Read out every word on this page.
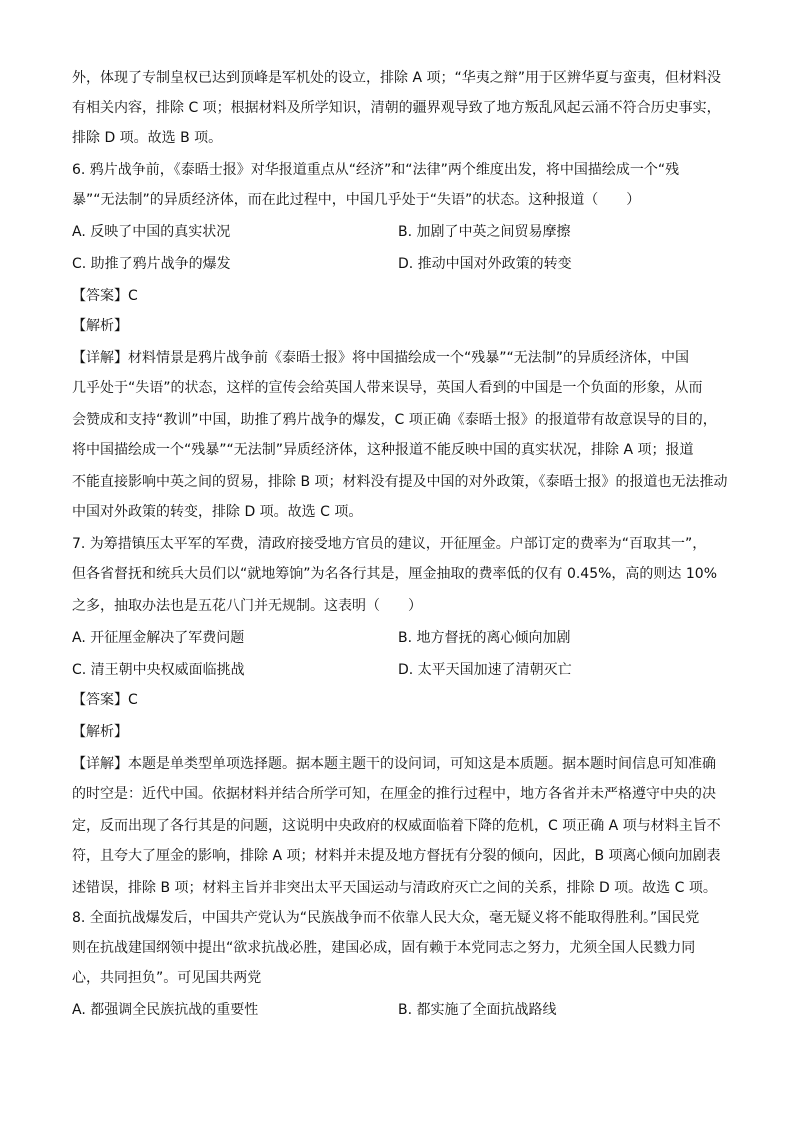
外，体现了专制皇权已达到顶峰是军机处的设立，排除 A 项；“华夷之辩”用于区辨华夏与蛮夷，但材料没
有相关内容，排除 C 项；根据材料及所学知识，清朝的疆界观导致了地方叛乱风起云涌不符合历史事实，
排除 D 项。故选 B 项。
6. 鸦片战争前，《泰晤士报》对华报道重点从“经济”和“法律”两个维度出发，将中国描绘成一个“残
暴”“无法制”的异质经济体，而在此过程中，中国几乎处于“失语”的状态。这种报道（　　）
A. 反映了中国的真实状况	B. 加剧了中英之间贸易摩擦
C. 助推了鸦片战争的爆发	D. 推动中国对外政策的转变
【答案】C
【解析】
【详解】材料情景是鸦片战争前《泰晤士报》将中国描绘成一个“残暴”“无法制”的异质经济体，中国
几乎处于“失语”的状态，这样的宣传会给英国人带来误导，英国人看到的中国是一个负面的形象，从而
会赞成和支持“教训”中国，助推了鸦片战争的爆发，C 项正确《泰晤士报》的报道带有故意误导的目的，
将中国描绘成一个“残暴”“无法制”异质经济体，这种报道不能反映中国的真实状况，排除 A 项；报道
不能直接影响中英之间的贸易，排除 B 项；材料没有提及中国的对外政策，《泰晤士报》的报道也无法推动
中国对外政策的转变，排除 D 项。故选 C 项。
7. 为筹措镇压太平军的军费，清政府接受地方官员的建议，开征厘金。户部订定的费率为“百取其一”，
但各省督抚和统兵大员们以“就地筹饷”为名各行其是，厘金抽取的费率低的仅有 0.45%，高的则达 10%
之多，抽取办法也是五花八门并无规制。这表明（　　）
A. 开征厘金解决了军费问题	B. 地方督抚的离心倾向加剧
C. 清王朝中央权威面临挑战	D. 太平天国加速了清朝灭亡
【答案】C
【解析】
【详解】本题是单类型单项选择题。据本题主题干的设问词，可知这是本质题。据本题时间信息可知准确
的时空是：近代中国。依据材料并结合所学可知，在厘金的推行过程中，地方各省并未严格遵守中央的决
定，反而出现了各行其是的问题，这说明中央政府的权威面临着下降的危机，C 项正确 A 项与材料主旨不
符，且夸大了厘金的影响，排除 A 项；材料并未提及地方督抚有分裂的倾向，因此，B 项离心倾向加剧表
述错误，排除 B 项；材料主旨并非突出太平天国运动与清政府灭亡之间的关系，排除 D 项。故选 C 项。
8. 全面抗战爆发后，中国共产党认为“民族战争而不依靠人民大众，毫无疑义将不能取得胜利。”国民党
则在抗战建国纲领中提出“欲求抗战必胜，建国必成，固有赖于本党同志之努力，尤须全国人民戮力同
心，共同担负”。可见国共两党
A. 都强调全民族抗战的重要性	B. 都实施了全面抗战路线
